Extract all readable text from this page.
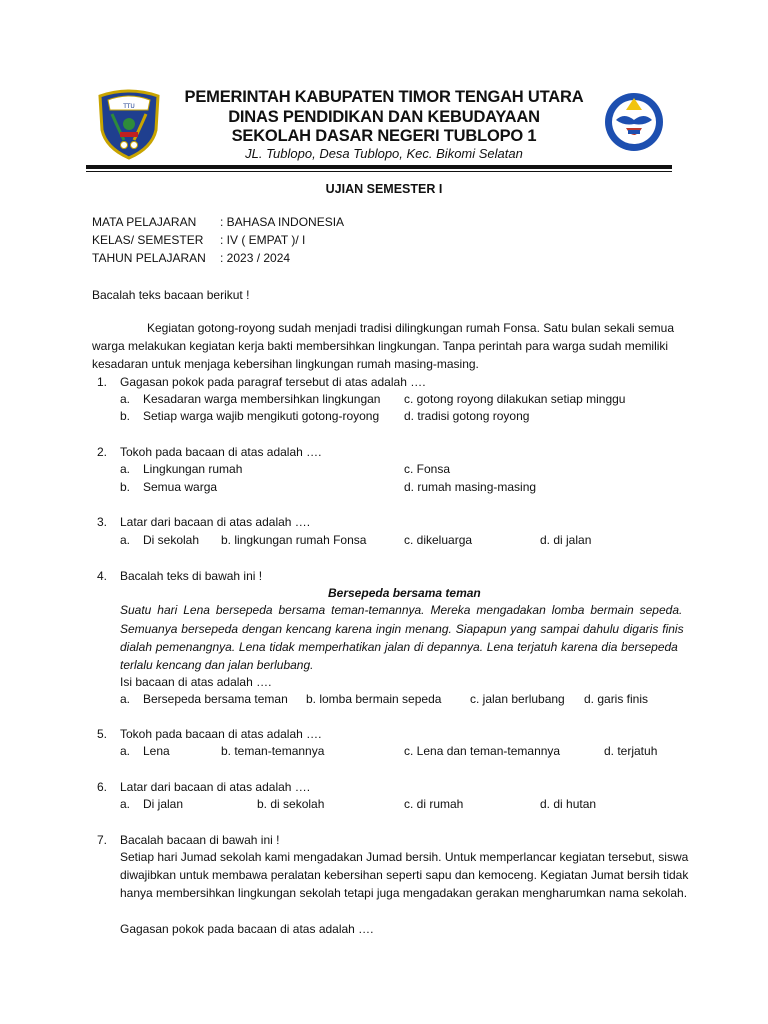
TTU
PEMERINTAH KABUPATEN TIMOR TENGAH UTARA
DINAS PENDIDIKAN DAN KEBUDAYAAN
SEKOLAH DASAR NEGERI TUBLOPO 1
JL. Tublopo, Desa Tublopo, Kec. Bikomi Selatan
UJIAN SEMESTER I
MATA PELAJARAN : BAHASA INDONESIA
KELAS/ SEMESTER : IV ( EMPAT )/ I
TAHUN PELAJARAN : 2023 / 2024
Bacalah teks bacaan berikut !
Kegiatan gotong-royong sudah menjadi tradisi dilingkungan rumah Fonsa. Satu bulan sekali semua
warga melakukan kegiatan kerja bakti membersihkan lingkungan. Tanpa perintah para warga sudah memiliki
kesadaran untuk menjaga kebersihan lingkungan rumah masing-masing.
1. Gagasan pokok pada paragraf tersebut di atas adalah ….
a. Kesadaran warga membersihkan lingkungan c. gotong royong dilakukan setiap minggu
b. Setiap warga wajib mengikuti gotong-royong d. tradisi gotong royong
2. Tokoh pada bacaan di atas adalah ….
a. Lingkungan rumah	c. Fonsa
b. Semua warga	d. rumah masing-masing
3. Latar dari bacaan di atas adalah ….
a. Di sekolah b. lingkungan rumah Fonsa	c. dikeluarga	d. di jalan
4. Bacalah teks di bawah ini !
Bersepeda bersama teman
Suatu hari Lena bersepeda bersama teman-temannya. Mereka mengadakan lomba bermain sepeda.
Semuanya bersepeda dengan kencang karena ingin menang. Siapapun yang sampai dahulu digaris finis
dialah pemenangnya. Lena tidak memperhatikan jalan di depannya. Lena terjatuh karena dia bersepeda
terlalu kencang dan jalan berlubang.
Isi bacaan di atas adalah ….
a. Bersepeda bersama teman b. lomba bermain sepeda c. jalan berlubang d. garis finis
5. Tokoh pada bacaan di atas adalah ….
a. Lena	b. teman-temannya	c. Lena dan teman-temannya	d. terjatuh
6. Latar dari bacaan di atas adalah ….
a. Di jalan	b. di sekolah	c. di rumah	d. di hutan
7. Bacalah bacaan di bawah ini !
Setiap hari Jumad sekolah kami mengadakan Jumad bersih. Untuk memperlancar kegiatan tersebut, siswa
diwajibkan untuk membawa peralatan kebersihan seperti sapu dan kemoceng. Kegiatan Jumat bersih tidak
hanya membersihkan lingkungan sekolah tetapi juga mengadakan gerakan mengharumkan nama sekolah.
Gagasan pokok pada bacaan di atas adalah ….
